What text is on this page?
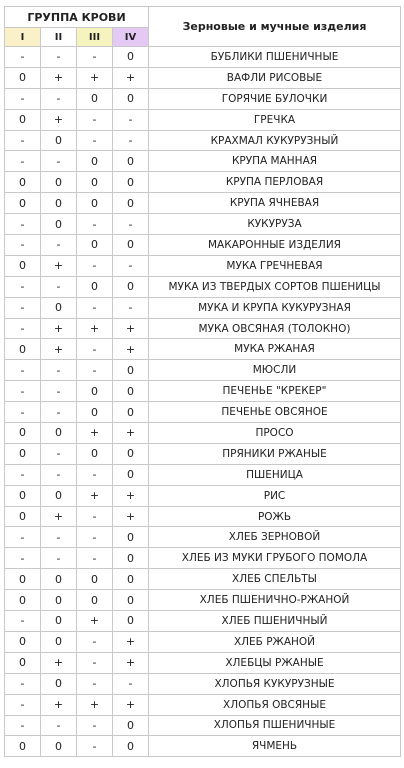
ГРУППА КРОВИ				Зерновые и мучные изделия
I	II	III	IV	
-	-	-	0	БУБЛИКИ ПШЕНИЧНЫЕ
0	+	+	+	ВАФЛИ РИСОВЫЕ
-	-	0	0	ГОРЯЧИЕ БУЛОЧКИ
0	+	-	-	ГРЕЧКА
-	0	-	-	КРАХМАЛ КУКУРУЗНЫЙ
-	-	0	0	КРУПА МАННАЯ
0	0	0	0	КРУПА ПЕРЛОВАЯ
0	0	0	0	КРУПА ЯЧНЕВАЯ
-	0	-	-	КУКУРУЗА
-	-	0	0	МАКАРОННЫЕ ИЗДЕЛИЯ
0	+	-	-	МУКА ГРЕЧНЕВАЯ
-	-	0	0	МУКА ИЗ ТВЕРДЫХ СОРТОВ ПШЕНИЦЫ
-	0	-	-	МУКА И КРУПА КУКУРУЗНАЯ
-	+	+	+	МУКА ОВСЯНАЯ (ТОЛОКНО)
0	+	-	+	МУКА РЖАНАЯ
-	-	-	0	МЮСЛИ
-	-	0	0	ПЕЧЕНЬЕ "КРЕКЕР"
-	-	0	0	ПЕЧЕНЬЕ ОВСЯНОЕ
0	0	+	+	ПРОСО
0	-	0	0	ПРЯНИКИ РЖАНЫЕ
-	-	-	0	ПШЕНИЦА
0	0	+	+	РИС
0	+	-	+	РОЖЬ
-	-	-	0	ХЛЕБ ЗЕРНОВОЙ
-	-	-	0	ХЛЕБ ИЗ МУКИ ГРУБОГО ПОМОЛА
0	0	0	0	ХЛЕБ СПЕЛЬТЫ
0	0	0	0	ХЛЕБ ПШЕНИЧНО-РЖАНОЙ
-	0	+	0	ХЛЕБ ПШЕНИЧНЫЙ
0	0	-	+	ХЛЕБ РЖАНОЙ
0	+	-	+	ХЛЕБЦЫ РЖАНЫЕ
-	0	-	-	ХЛОПЬЯ КУКУРУЗНЫЕ
-	+	+	+	ХЛОПЬЯ ОВСЯНЫЕ
-	-	-	0	ХЛОПЬЯ ПШЕНИЧНЫЕ
0	0	-	0	ЯЧМЕНЬ
